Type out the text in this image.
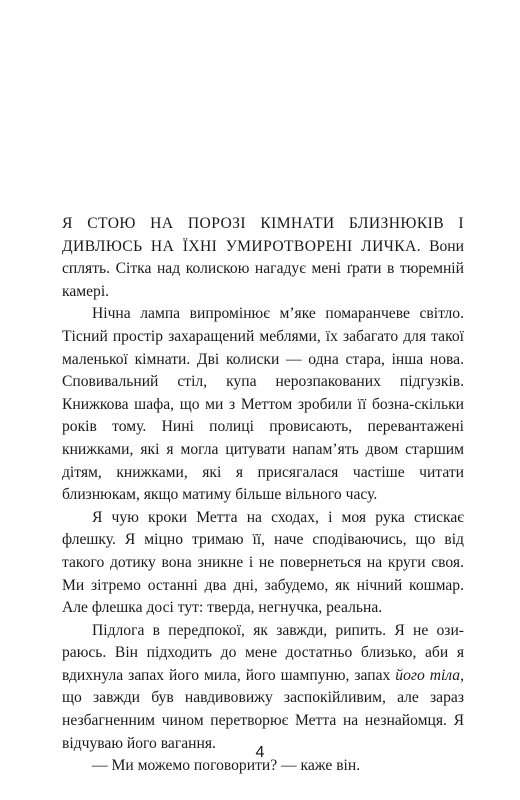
Я СТОЮ НА ПОРОЗІ КІМНАТИ БЛИЗНЮКІВ І ДИВЛЮСЬ НА ЇХНІ УМИРОТВОРЕНІ ЛИЧКА. Вони сплять. Сітка над колискою нагадує мені ґрати в тюремній камері.

Нічна лампа випромінює м’яке помаранчеве світло. Тісний простір захаращений меблями, їх забагато для такої маленької кімнати. Дві колиски — одна стара, інша нова. Сповивальний стіл, купа нерозпакованих підгузків. Книжкова шафа, що ми з Меттом зробили її бозна-скільки років тому. Нині полиці провисають, перевантажені книжками, які я могла цитувати напам’ять двом старшим дітям, книжками, які я присягалася частіше читати близнюкам, якщо матиму більше вільного часу.

Я чую кроки Метта на сходах, і моя рука стискає флешку. Я міцно тримаю її, наче сподіваючись, що від такого дотику вона зникне і не повернеться на круги своя. Ми зітремо останні два дні, забудемо, як нічний кошмар. Але флешка досі тут: тверда, негнучка, реальна.

Підлога в передпокої, як завжди, рипить. Я не озираюсь. Він підходить до мене достатньо близько, аби я вдихнула запах його мила, його шампуню, запах його тіла, що завжди був навдивовижу заспокійливим, але зараз незбагненним чином перетворює Метта на незнайомця. Я відчуваю його вагання.

— Ми можемо поговорити? — каже він.

4
